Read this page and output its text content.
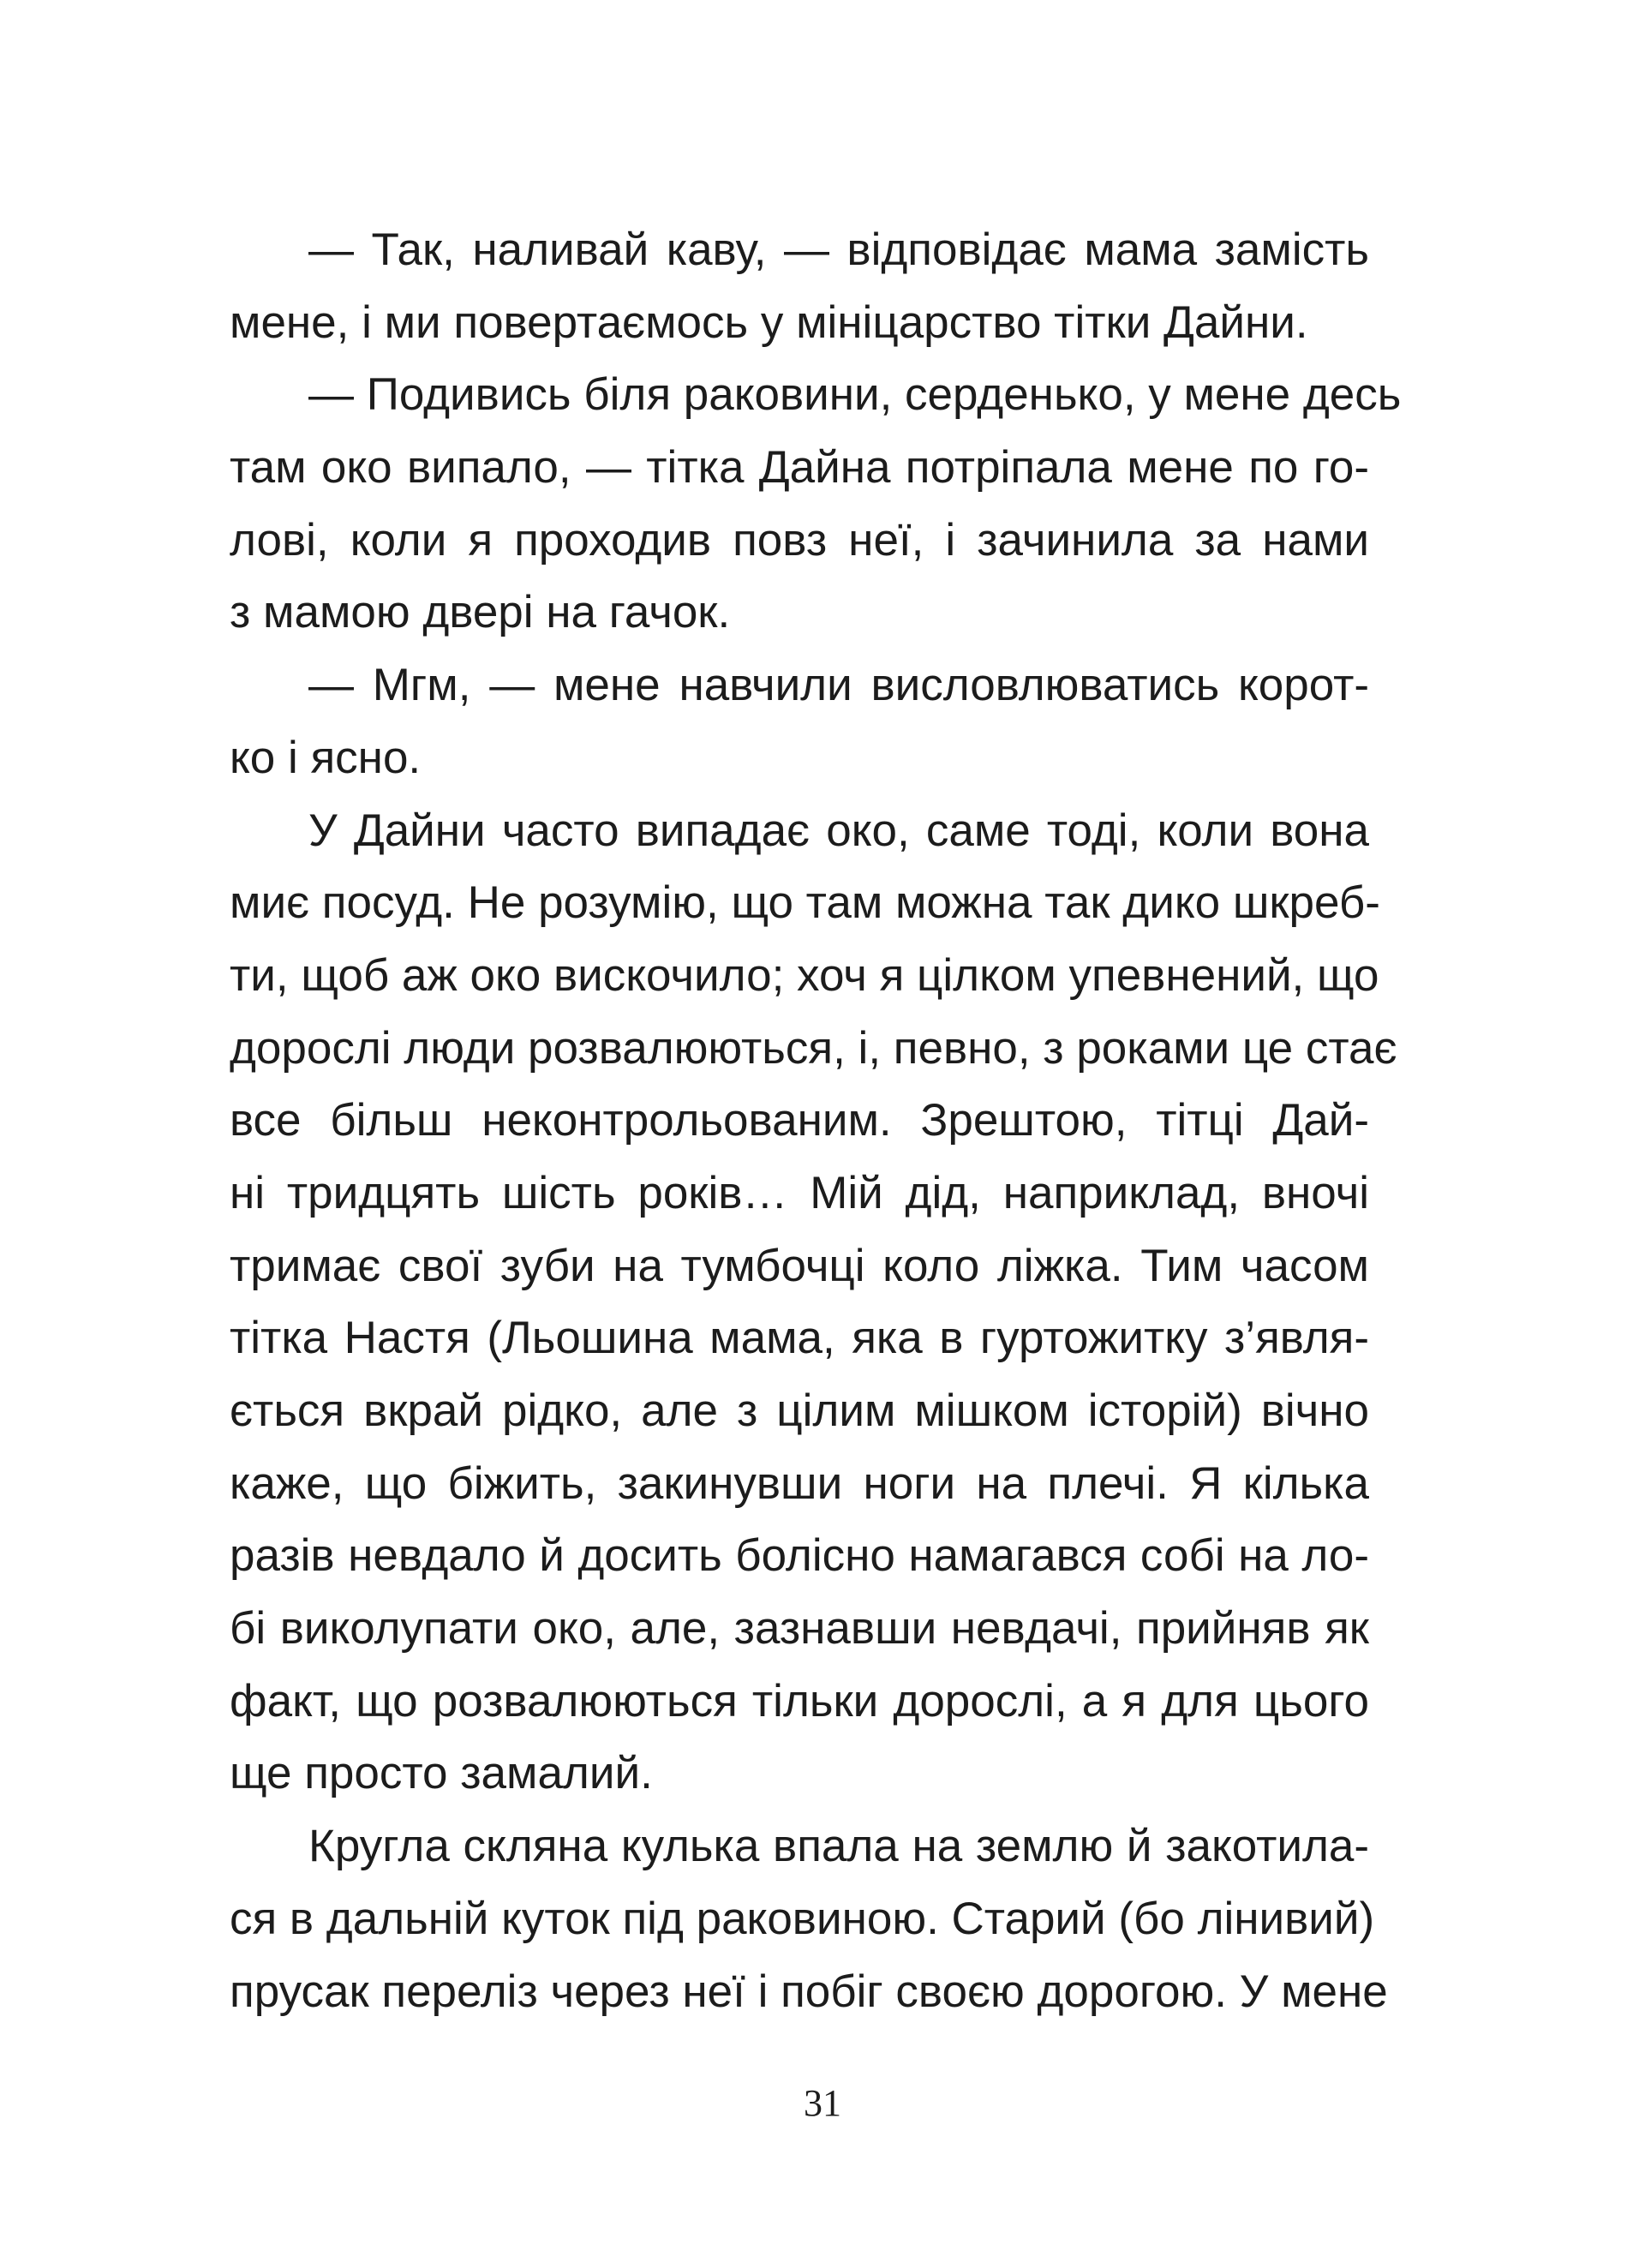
— Так, наливай каву, — відповідає мама замість
мене, і ми повертаємось у мініцарство тітки Дайни.
— Подивись біля раковини, серденько, у мене десь
там око випало, — тітка Дайна потріпала мене по го-
лові, коли я проходив повз неї, і зачинила за нами
з мамою двері на гачок.
— Мгм, — мене навчили висловлюватись корот-
ко і ясно.
У Дайни часто випадає око, саме тоді, коли вона
миє посуд. Не розумію, що там можна так дико шкреб-
ти, щоб аж око вискочило; хоч я цілком упевнений, що
дорослі люди розвалюються, і, певно, з роками це стає
все більш неконтрольованим. Зрештою, тітці Дай-
ні тридцять шість років… Мій дід, наприклад, вночі
тримає свої зуби на тумбочці коло ліжка. Тим часом
тітка Настя (Льошина мама, яка в гуртожитку з’явля-
ється вкрай рідко, але з цілим мішком історій) вічно
каже, що біжить, закинувши ноги на плечі. Я кілька
разів невдало й досить болісно намагався собі на ло-
бі виколупати око, але, зазнавши невдачі, прийняв як
факт, що розвалюються тільки дорослі, а я для цього
ще просто замалий.
Кругла скляна кулька впала на землю й закотила-
ся в дальній куток під раковиною. Старий (бо лінивий)
прусак переліз через неї і побіг своєю дорогою. У мене
31
